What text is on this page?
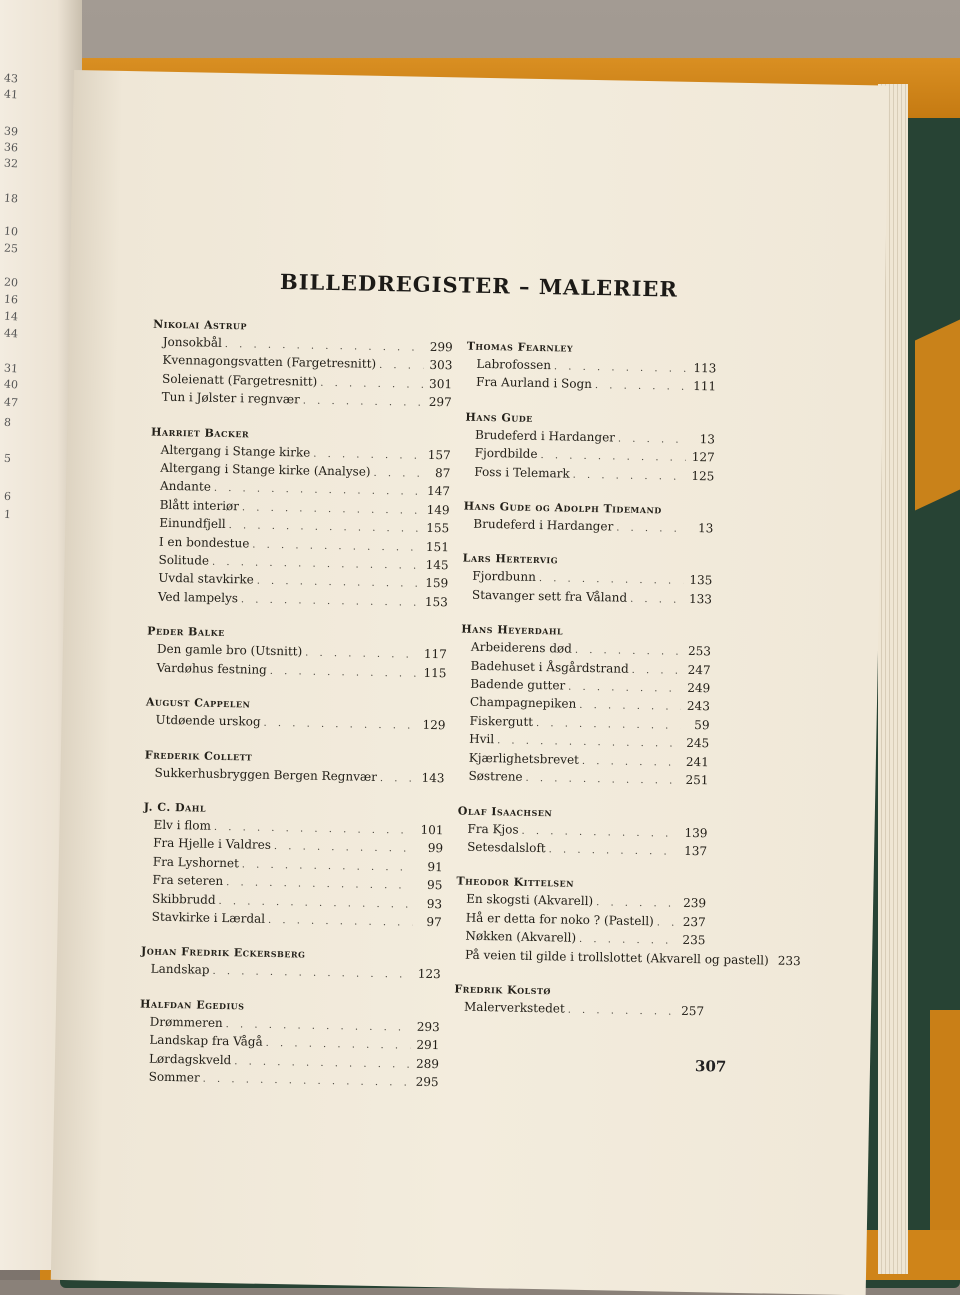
43
41
39
36
32
18
10
25
20
16
14
44
31
40
47
8
5
6
1
BILLEDREGISTER – MALERIER
Nikolai Astrup
Jonsokbål . . .	299
Kvennagongsvatten (Fargetresnitt) . . .	303
Soleienatt (Fargetresnitt) . . .	301
Tun i Jølster i regnvær . . .	297
Harriet Backer
Altergang i Stange kirke . . .	157
Altergang i Stange kirke (Analyse) . . .	87
Andante . . .	147
Blått interiør . . .	149
Einundfjell . . .	155
I en bondestue . . .	151
Solitude . . .	145
Uvdal stavkirke . . .	159
Ved lampelys . . .	153
Peder Balke
Den gamle bro (Utsnitt) . . .	117
Vardøhus festning . . .	115
August Cappelen
Utdøende urskog . . .	129
Frederik Collett
Sukkerhusbryggen Bergen Regnvær . . .	143
J. C. Dahl
Elv i flom . . .	101
Fra Hjelle i Valdres . . .	99
Fra Lyshornet . . .	91
Fra seteren . . .	95
Skibbrudd . . .	93
Stavkirke i Lærdal . . .	97
Johan Fredrik Eckersberg
Landskap . . .	123
Halfdan Egedius
Drømmeren . . .	293
Landskap fra Vågå . . .	291
Lørdagskveld . . .	289
Sommer . . .	295
Thomas Fearnley
Labrofossen . . .	113
Fra Aurland i Sogn . . .	111
Hans Gude
Brudeferd i Hardanger . . .	13
Fjordbilde . . .	127
Foss i Telemark . . .	125
Hans Gude og Adolph Tidemand
Brudeferd i Hardanger . . .	13
Lars Hertervig
Fjordbunn . . .	135
Stavanger sett fra Våland . . .	133
Hans Heyerdahl
Arbeiderens død . . .	253
Badehuset i Åsgårdstrand . . .	247
Badende gutter . . .	249
Champagnepiken . . .	243
Fiskergutt . . .	59
Hvil . . .	245
Kjærlighetsbrevet . . .	241
Søstrene . . .	251
Olaf Isaachsen
Fra Kjos . . .	139
Setesdalsloft . . .	137
Theodor Kittelsen
En skogsti (Akvarell) . . .	239
Hå er detta for noko ? (Pastell) . . . 237
Nøkken (Akvarell) . . .	235
På veien til gilde i trollslottet (Akvarell og pastell) . . . 233
Fredrik Kolstø
Malerverkstedet . . .	257
307
